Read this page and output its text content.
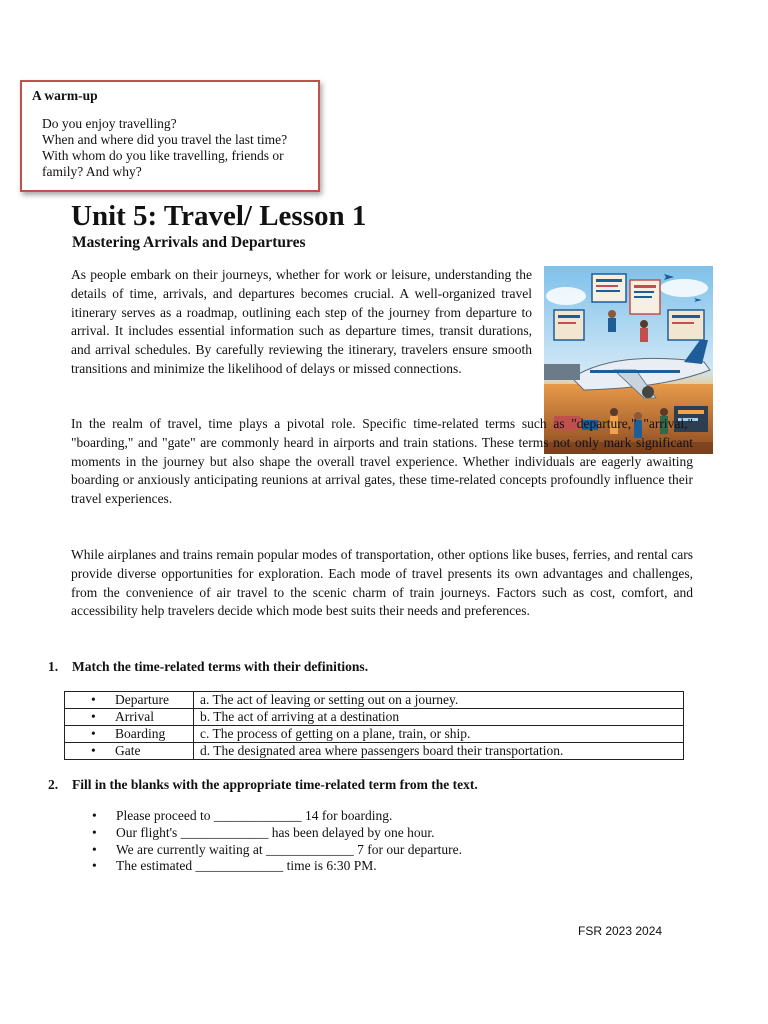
A warm-up
Do you enjoy travelling?
When and where did you travel the last time?
With whom do you like travelling, friends or
family? And why?
Unit 5: Travel/ Lesson 1
Mastering Arrivals and Departures

As people embark on their journeys, whether for work or leisure, understanding the details of time, arrivals, and departures becomes crucial. A well-organized travel itinerary serves as a roadmap, outlining each step of the journey from departure to arrival. It includes essential information such as departure times, transit durations, and arrival schedules. By carefully reviewing the itinerary, travelers ensure smooth transitions and minimize the likelihood of delays or missed connections.

In the realm of travel, time plays a pivotal role. Specific time-related terms such as "departure," "arrival," "boarding," and "gate" are commonly heard in airports and train stations. These terms not only mark significant moments in the journey but also shape the overall travel experience. Whether individuals are eagerly awaiting boarding or anxiously anticipating reunions at arrival gates, these time-related concepts profoundly influence their travel experiences.

While airplanes and trains remain popular modes of transportation, other options like buses, ferries, and rental cars provide diverse opportunities for exploration. Each mode of travel presents its own advantages and challenges, from the convenience of air travel to the scenic charm of train journeys. Factors such as cost, comfort, and accessibility help travelers decide which mode best suits their needs and preferences.

1. Match the time-related terms with their definitions.
• Departure	a. The act of leaving or setting out on a journey.

• Arrival	b. The act of arriving at a destination

• Boarding	c. The process of getting on a plane, train, or ship.

• Gate	d. The designated area where passengers board their transportation.
2. Fill in the blanks with the appropriate time-related term from the text.
• Please proceed to _____________ 14 for boarding.
• Our flight's _____________ has been delayed by one hour.
• We are currently waiting at _____________ 7 for our departure.
• The estimated _____________ time is 6:30 PM.
FSR 2023 2024
